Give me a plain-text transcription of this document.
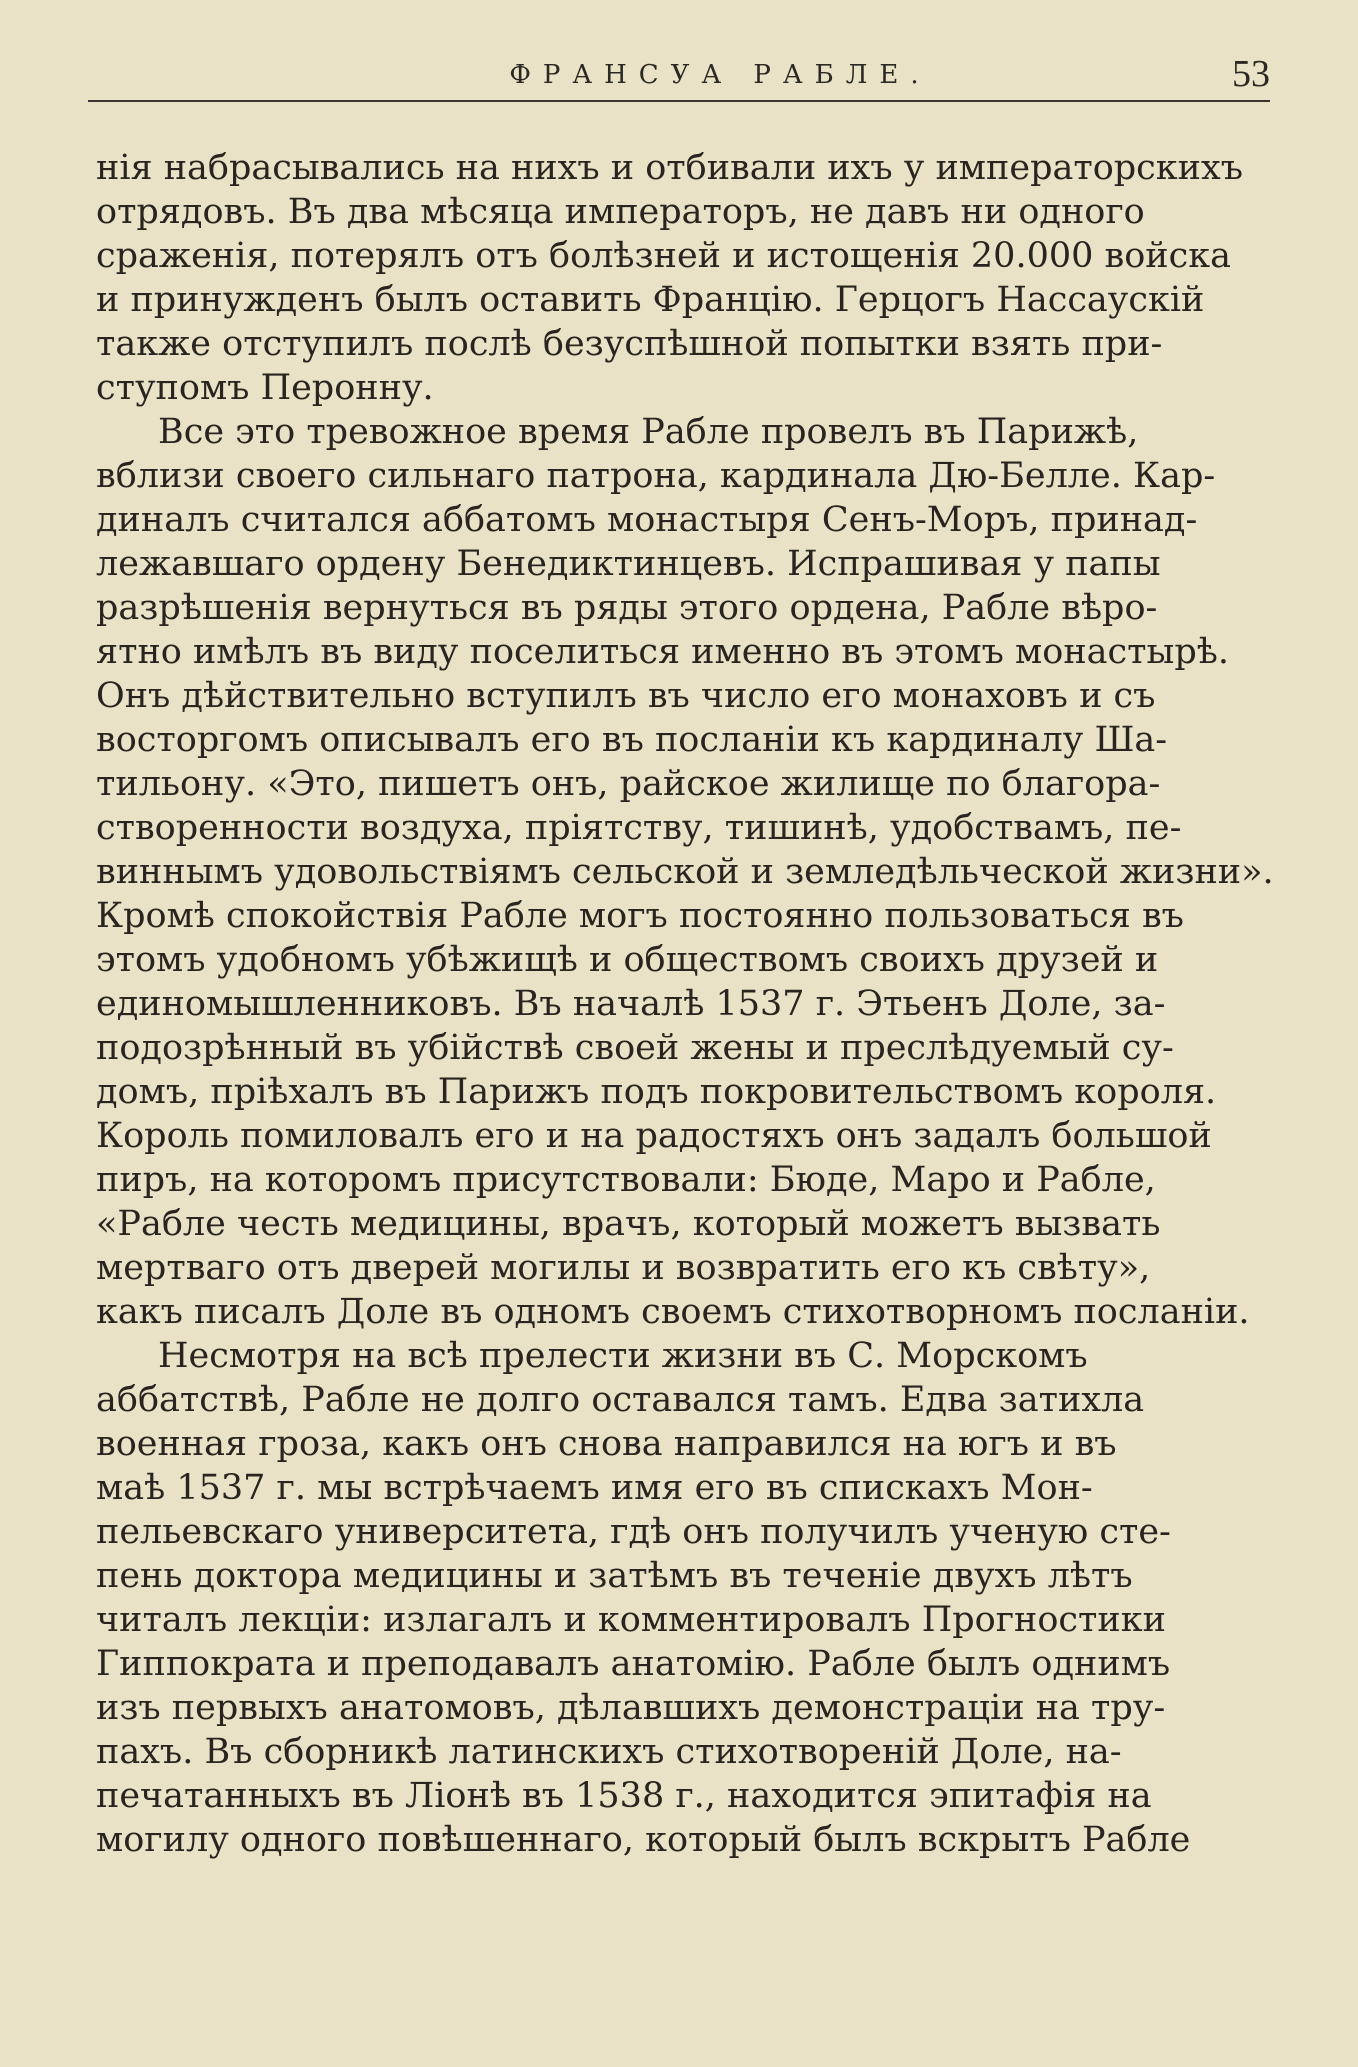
ФРАНСУА РАБЛЕ.	53
нія набрасывались на нихъ и отбивали ихъ у императорскихъ
отрядовъ. Въ два мѣсяца императоръ, не давъ ни одного
сраженія, потерялъ отъ болѣзней и истощенія 20.000 войска
и принужденъ былъ оставить Францію. Герцогъ Нассаускій
также отступилъ послѣ безуспѣшной попытки взять при-
ступомъ Перонну.
Все это тревожное время Рабле провелъ въ Парижѣ,
вблизи своего сильнаго патрона, кардинала Дю-Белле. Кар-
диналъ считался аббатомъ монастыря Сенъ-Моръ, принад-
лежавшаго ордену Бенедиктинцевъ. Испрашивая у папы
разрѣшенія вернуться въ ряды этого ордена, Рабле вѣро-
ятно имѣлъ въ виду поселиться именно въ этомъ монастырѣ.
Онъ дѣйствительно вступилъ въ число его монаховъ и съ
восторгомъ описывалъ его въ посланіи къ кардиналу Ша-
тильону. «Это, пишетъ онъ, райское жилище по благора-
створенности воздуха, пріятству, тишинѣ, удобствамъ, пе-
виннымъ удовольствіямъ сельской и земледѣльческой жизни».
Кромѣ спокойствія Рабле могъ постоянно пользоваться въ
этомъ удобномъ убѣжищѣ и обществомъ своихъ друзей и
единомышленниковъ. Въ началѣ 1537 г. Этьенъ Доле, за-
подозрѣнный въ убійствѣ своей жены и преслѣдуемый су-
домъ, пріѣхалъ въ Парижъ подъ покровительствомъ короля.
Король помиловалъ его и на радостяхъ онъ задалъ большой
пиръ, на которомъ присутствовали: Бюде, Маро и Рабле,
«Рабле честь медицины, врачъ, который можетъ вызвать
мертваго отъ дверей могилы и возвратить его къ свѣту»,
какъ писалъ Доле въ одномъ своемъ стихотворномъ посланіи.
Несмотря на всѣ прелести жизни въ С. Морскомъ
аббатствѣ, Рабле не долго оставался тамъ. Едва затихла
военная гроза, какъ онъ снова направился на югъ и въ
маѣ 1537 г. мы встрѣчаемъ имя его въ спискахъ Мон-
пельевскаго университета, гдѣ онъ получилъ ученую сте-
пень доктора медицины и затѣмъ въ теченіе двухъ лѣтъ
читалъ лекціи: излагалъ и комментировалъ Прогностики
Гиппократа и преподавалъ анатомію. Рабле былъ однимъ
изъ первыхъ анатомовъ, дѣлавшихъ демонстраціи на тру-
пахъ. Въ сборникѣ латинскихъ стихотвореній Доле, на-
печатанныхъ въ Ліонѣ въ 1538 г., находится эпитафія на
могилу одного повѣшеннаго, который былъ вскрытъ Рабле
